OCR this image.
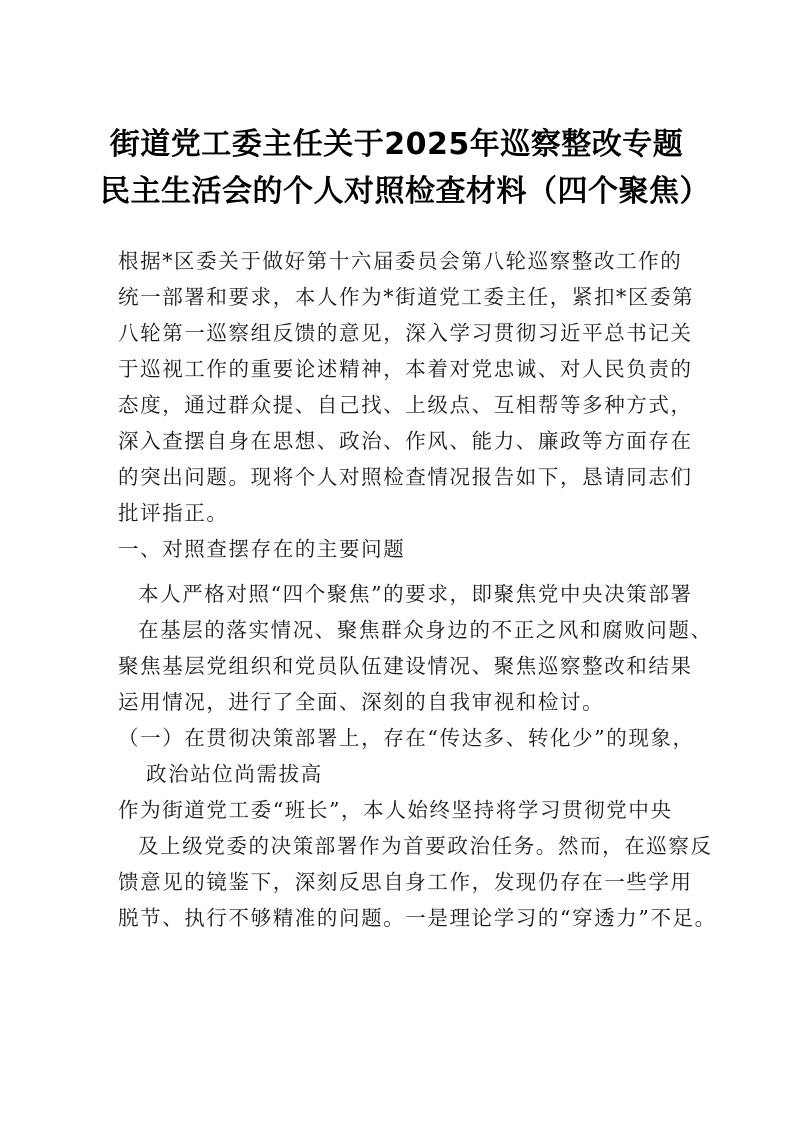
街道党工委主任关于2025年巡察整改专题
民主生活会的个人对照检查材料（四个聚焦）
根据*区委关于做好第十六届委员会第八轮巡察整改工作的
统一部署和要求，本人作为*街道党工委主任，紧扣*区委第
八轮第一巡察组反馈的意见，深入学习贯彻习近平总书记关
于巡视工作的重要论述精神，本着对党忠诚、对人民负责的
态度，通过群众提、自己找、上级点、互相帮等多种方式，
深入查摆自身在思想、政治、作风、能力、廉政等方面存在
的突出问题。现将个人对照检查情况报告如下，恳请同志们
批评指正。
一、对照查摆存在的主要问题
本人严格对照“四个聚焦”的要求，即聚焦党中央决策部署
在基层的落实情况、聚焦群众身边的不正之风和腐败问题、
聚焦基层党组织和党员队伍建设情况、聚焦巡察整改和结果
运用情况，进行了全面、深刻的自我审视和检讨。
（一）在贯彻决策部署上，存在“传达多、转化少”的现象，
政治站位尚需拔高
作为街道党工委“班长”，本人始终坚持将学习贯彻党中央
及上级党委的决策部署作为首要政治任务。然而，在巡察反
馈意见的镜鉴下，深刻反思自身工作，发现仍存在一些学用
脱节、执行不够精准的问题。一是理论学习的“穿透力”不足。
